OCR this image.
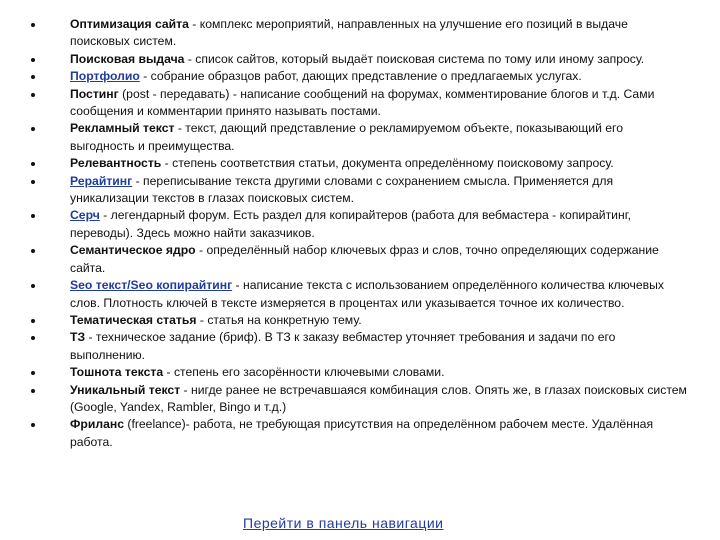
Оптимизация сайта - комплекс мероприятий, направленных на улучшение его позиций в выдаче поисковых систем.
Поисковая выдача - список сайтов, который выдаёт поисковая система по тому или иному запросу.
Портфолио - собрание образцов работ, дающих представление о предлагаемых услугах.
Постинг (post - передавать) - написание сообщений на форумах, комментирование блогов и т.д. Сами сообщения и комментарии принято называть постами.
Рекламный текст - текст, дающий представление о рекламируемом объекте, показывающий его выгодность и преимущества.
Релевантность - степень соответствия статьи, документа определённому поисковому запросу.
Рерайтинг - переписывание текста другими словами с сохранением смысла. Применяется для уникализации текстов в глазах поисковых систем.
Серч - легендарный форум. Есть раздел для копирайтеров (работа для вебмастера - копирайтинг, переводы). Здесь можно найти заказчиков.
Семантическое ядро - определённый набор ключевых фраз и слов, точно определяющих содержание сайта.
Seo текст/Seo копирайтинг - написание текста с использованием определённого количества ключевых слов. Плотность ключей в тексте измеряется в процентах или указывается точное их количество.
Тематическая статья - статья на конкретную тему.
ТЗ - техническое задание (бриф). В ТЗ к заказу вебмастер уточняет требования и задачи по его выполнению.
Тошнота текста - степень его засорённости ключевыми словами.
Уникальный текст - нигде ранее не встречавшаяся комбинация слов. Опять же, в глазах поисковых систем (Google, Yandex, Rambler, Bingo и т.д.)
Фриланс (freelance)- работа, не требующая присутствия на определённом рабочем месте. Удалённая работа.
Перейти в панель навигации
